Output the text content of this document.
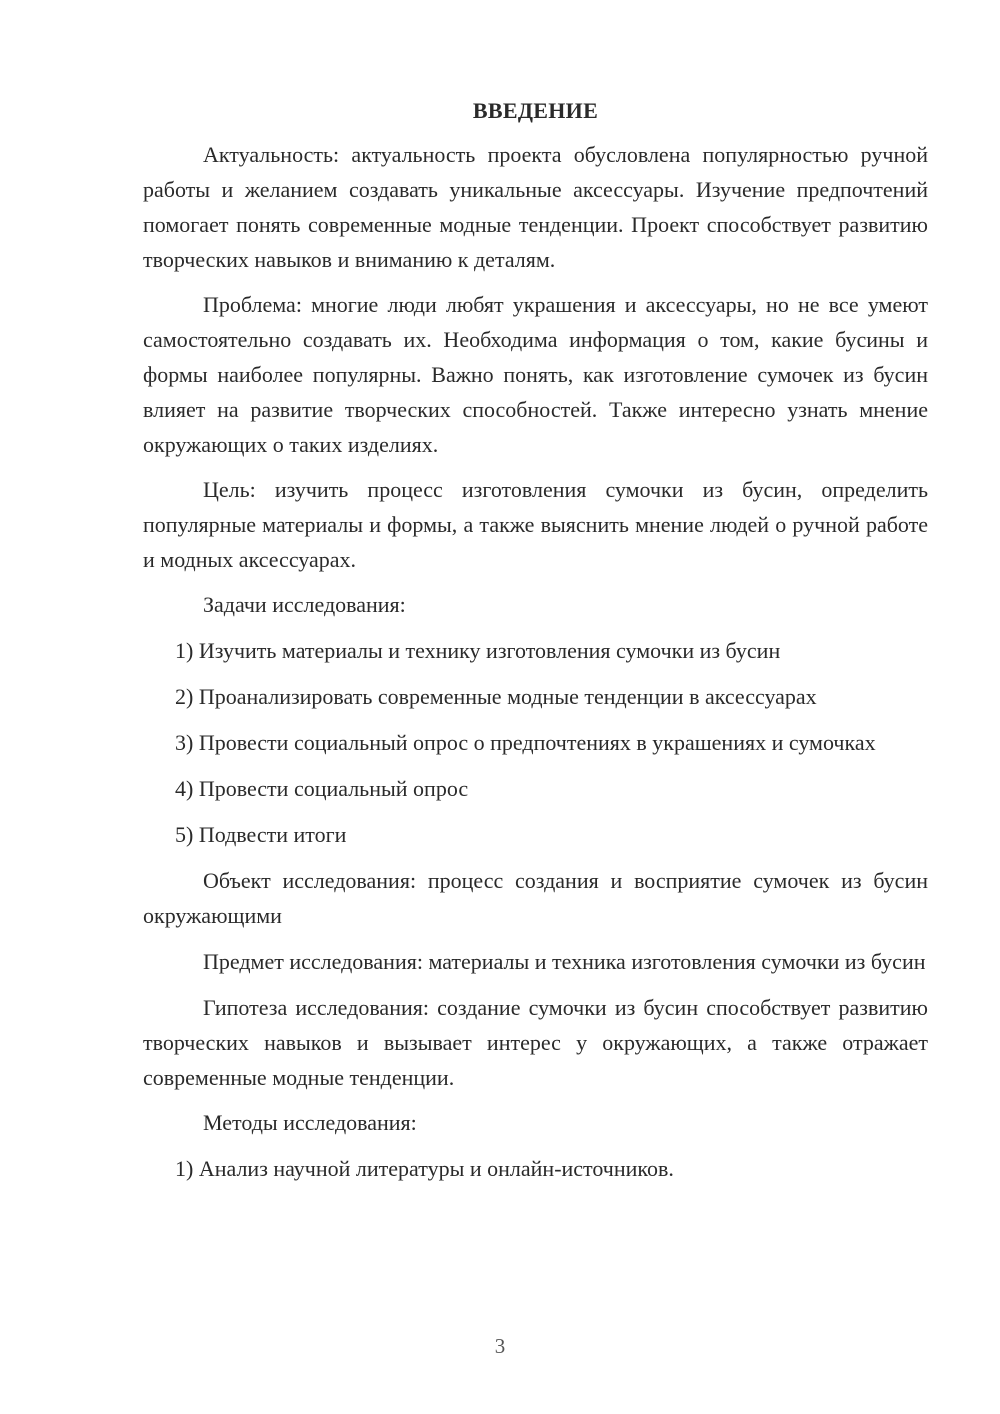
ВВЕДЕНИЕ

Актуальность: актуальность проекта обусловлена популярностью ручной работы и желанием создавать уникальные аксессуары. Изучение предпочтений помогает понять современные модные тенденции. Проект способствует развитию творческих навыков и вниманию к деталям.

Проблема: многие люди любят украшения и аксессуары, но не все умеют самостоятельно создавать их. Необходима информация о том, какие бусины и формы наиболее популярны. Важно понять, как изготовление сумочек из бусин влияет на развитие творческих способностей. Также интересно узнать мнение окружающих о таких изделиях.

Цель: изучить процесс изготовления сумочки из бусин, определить популярные материалы и формы, а также выяснить мнение людей о ручной работе и модных аксессуарах.

Задачи исследования:

1) Изучить материалы и технику изготовления сумочки из бусин

2) Проанализировать современные модные тенденции в аксессуарах

3) Провести социальный опрос о предпочтениях в украшениях и сумочках

4) Провести социальный опрос

5) Подвести итоги

Объект исследования: процесс создания и восприятие сумочек из бусин окружающими

Предмет исследования: материалы и техника изготовления сумочки из бусин

Гипотеза исследования: создание сумочки из бусин способствует развитию творческих навыков и вызывает интерес у окружающих, а также отражает современные модные тенденции.

Методы исследования:

1) Анализ научной литературы и онлайн-источников.

3
